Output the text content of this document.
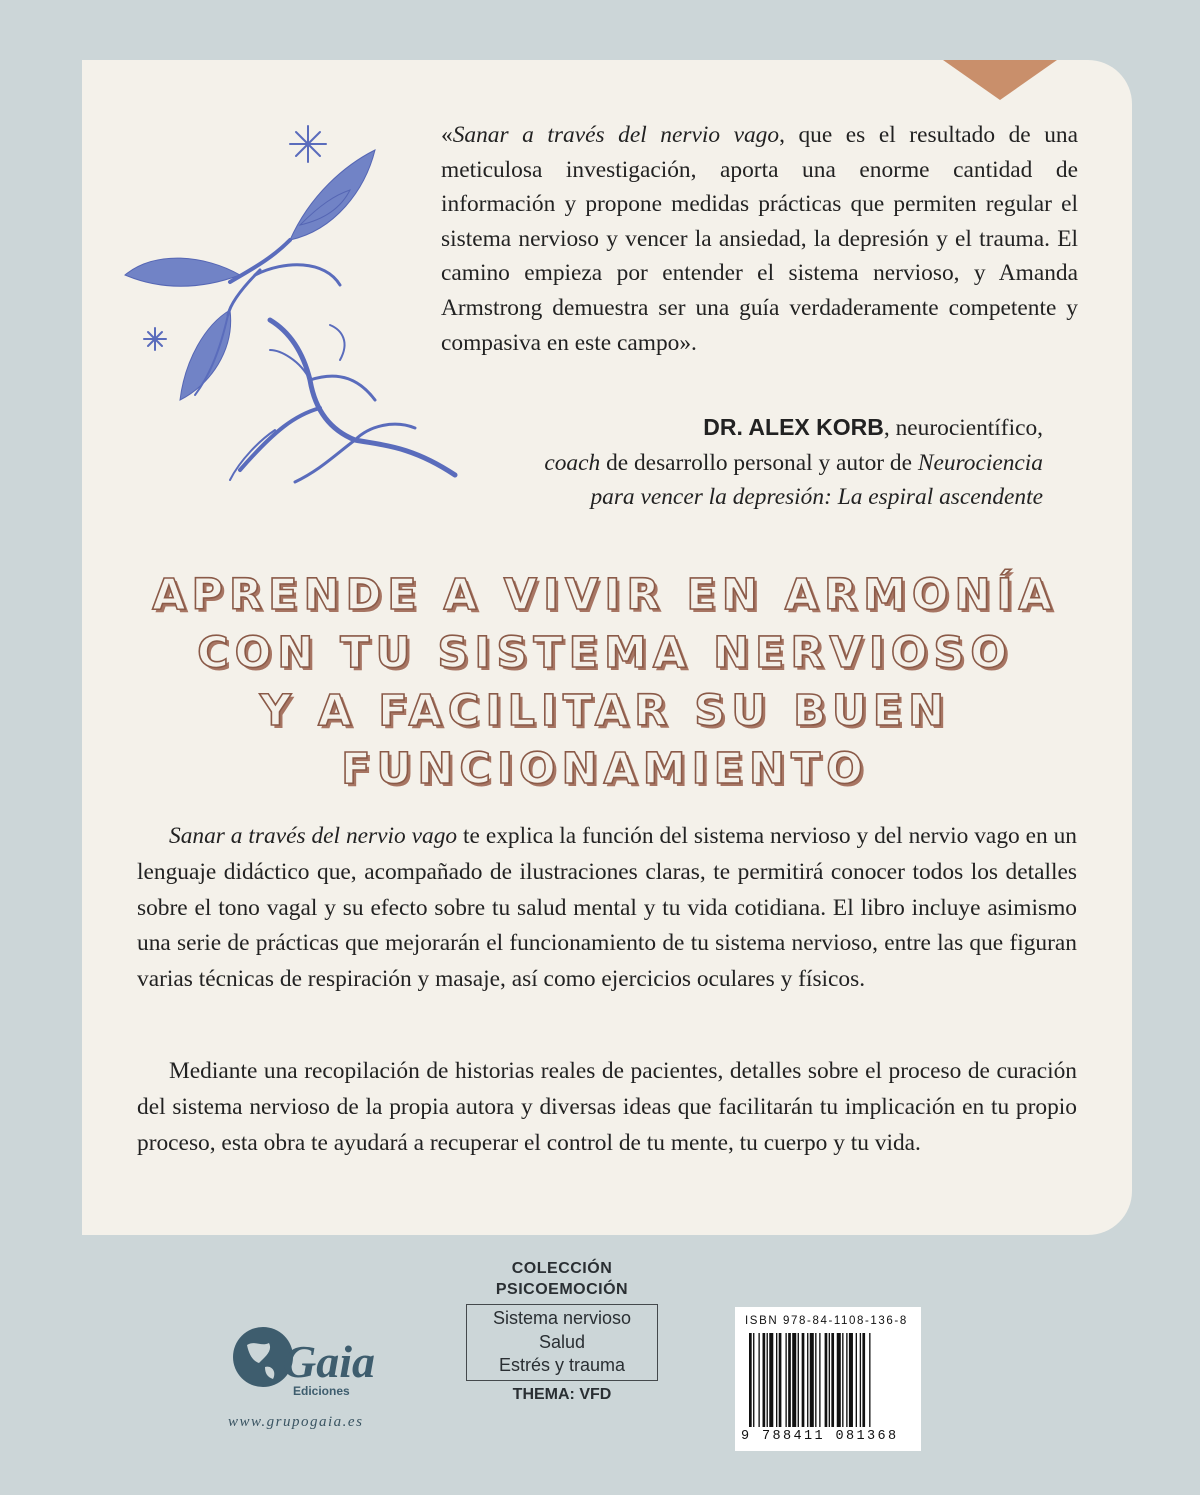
«Sanar a través del nervio vago, que es el resultado de una meticulosa investigación, aporta una enorme cantidad de información y propone medidas prácticas que permiten regular el sistema nervioso y vencer la ansiedad, la depresión y el trauma. El camino empieza por entender el sistema nervioso, y Amanda Armstrong demuestra ser una guía verdaderamente competente y compasiva en este campo».

DR. ALEX KORB, neurocientífico,
coach de desarrollo personal y autor de Neurociencia
para vencer la depresión: La espiral ascendente
APRENDE A VIVIR EN ARMONÍA
CON TU SISTEMA NERVIOSO
Y A FACILITAR SU BUEN
FUNCIONAMIENTO

Sanar a través del nervio vago te explica la función del sistema nervioso y del nervio vago en un lenguaje didáctico que, acompañado de ilustraciones claras, te permitirá conocer todos los detalles sobre el tono vagal y su efecto sobre tu salud mental y tu vida cotidiana. El libro incluye asimismo una serie de prácticas que mejorarán el funcionamiento de tu sistema nervioso, entre las que figuran varias técnicas de respiración y masaje, así como ejercicios oculares y físicos.

Mediante una recopilación de historias reales de pacientes, detalles sobre el proceso de curación del sistema nervioso de la propia autora y diversas ideas que facilitarán tu implicación en tu propio proceso, esta obra te ayudará a recuperar el control de tu mente, tu cuerpo y tu vida.

Gaia
Ediciones
www.grupogaia.es
COLECCIÓN
PSICOEMOCIÓN
Sistema nervioso
Salud
Estrés y trauma
THEMA: VFD
ISBN 978-84-1108-136-8
9 788411 081368
